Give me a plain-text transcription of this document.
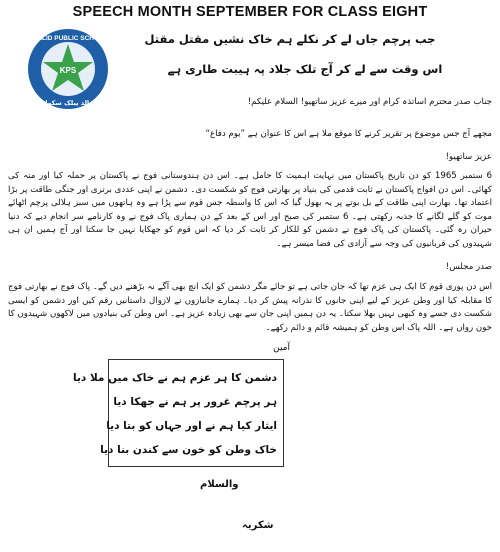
SPEECH MONTH SEPTEMBER FOR CLASS EIGHT
KPS
KHALID PUBLIC SCHOOL
خالد پبلک سکول

جب پرچم جاں لے کر نکلے ہم خاک نشیں مقتل مقتل

اس وقت سے لے کر آج تلک جلاد پہ ہیبت طاری ہے

جناب صدر محترم اساتذہ کرام اور میرے عزیز ساتھیو! السلام علیکم!

مجھے آج جس موضوع پر تقریر کرنے کا موقع ملا ہے اس کا عنوان ہے ”یوم دفاع“

عزیز ساتھیو!

6 ستمبر 1965 کو دن تاریخ پاکستان میں نہایت اہمیت کا حامل ہے۔ اس دن ہندوستانی فوج نے پاکستان پر حملہ کیا اور منہ کی کھائی۔ اس دن افواج پاکستان نے ثابت قدمی کی بنیاد پر بھارتی فوج کو شکست دی۔ دشمن نے اپنی عددی برتری اور جنگی طاقت پر بڑا اعتماد تھا۔ بھارت اپنی طاقت کے بل بوتے پر یہ بھول گیا کہ اس کا واسطہ جس قوم سے پڑا ہے وہ ہاتھوں میں سبز ہلالی پرچم اٹھائے موت کو گلے لگانے کا جذبہ رکھتی ہے۔ 6 ستمبر کی صبح اور اس کے بعد کے دن ہماری پاک فوج نے وہ کارنامے سر انجام دیے کہ دنیا حیران رہ گئی۔ پاکستان کی پاک فوج نے دشمن کو للکار کر ثابت کر دیا کہ اس قوم کو جھکایا نہیں جا سکتا اور آج ہمیں ان ہی شہیدوں کی قربانیوں کی وجہ سے آزادی کی فضا میسر ہے۔

صدر مجلس!

اس دن پوری قوم کا ایک ہی عزم تھا کہ جان جاتی ہے تو جائے مگر دشمن کو ایک انچ بھی آگے نہ بڑھنے دیں گے۔ پاک فوج نے بھارتی فوج کا مقابلہ کیا اور وطن عزیز کے لیے اپنی جانوں کا نذرانہ پیش کر دیا۔ ہمارے جانبازوں نے لازوال داستانیں رقم کیں اور دشمن کو ایسی شکست دی جسے وہ کبھی نہیں بھلا سکتا۔ یہ دن ہمیں اپنی جان سے بھی زیادہ عزیز ہے۔ اس وطن کی بنیادوں میں لاکھوں شہیدوں کا خون رواں ہے۔ اللہ پاک اس وطن کو ہمیشہ قائم و دائم رکھے۔

آمین

دشمن کا ہر عزم ہم نے خاک میں ملا دیا
ہر پرچم غرور پر ہم نے جھکا دیا
ایثار کیا ہم نے اور جہاں کو بتا دیا
خاک وطن کو خون سے کندن بنا دیا
والسلام
شکریہ
